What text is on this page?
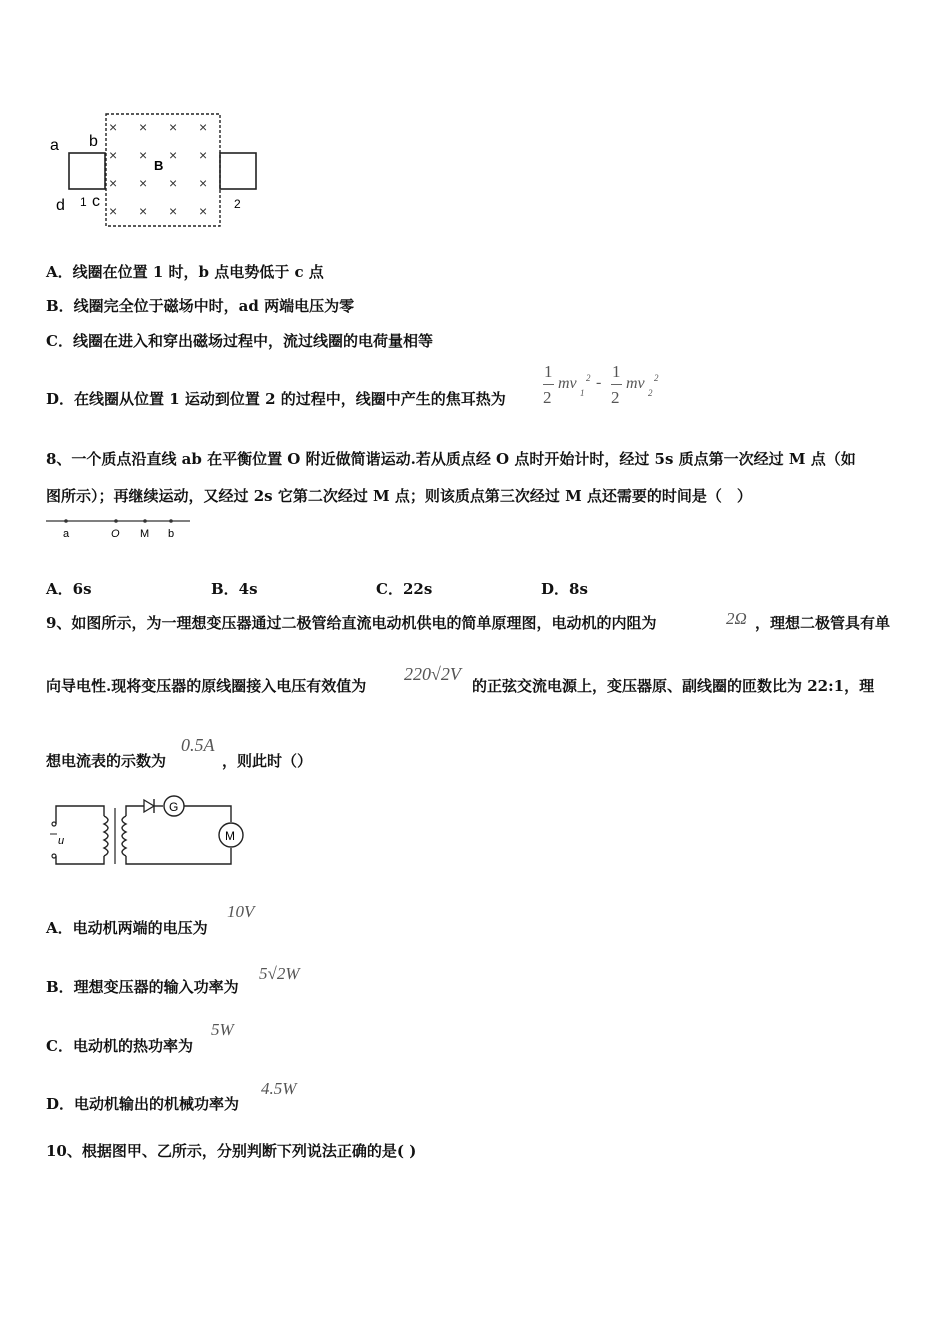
× × × ×
× × × ×
× × × ×
× × × ×
B
a b
d 1 c	2
A．线圈在位置 1 时，b 点电势低于 c 点
B．线圈完全位于磁场中时，ad 两端电压为零
C．线圈在进入和穿出磁场过程中，流过线圈的电荷量相等
D．在线圈从位置 1 运动到位置 2 的过程中，线圈中产生的焦耳热为
1
2
mv
1
2 -
1
2
mv
2
2
8、一个质点沿直线 ab 在平衡位置 O 附近做简谐运动.若从质点经 O 点时开始计时，经过 5s 质点第一次经过 M 点（如
图所示）；再继续运动，又经过 2s 它第二次经过 M 点；则该质点第三次经过 M 点还需要的时间是（　）
a	O M b
A．6s	B．4s	C．22s	D．8s
9、如图所示，为一理想变压器通过二极管给直流电动机供电的简单原理图，电动机的内阻为	2Ω ，理想二极管具有单
向导电性.现将变压器的原线圈接入电压有效值为
220√2V
的正弦交流电源上，变压器原、副线圈的匝数比为 22:1，理
想电流表的示数为
0.5A
，则此时（）
u
G
M
A．电动机两端的电压为
10V
B．理想变压器的输入功率为
5√2W
C．电动机的热功率为
5W
D．电动机输出的机械功率为
4.5W
10、根据图甲、乙所示，分别判断下列说法正确的是( )
